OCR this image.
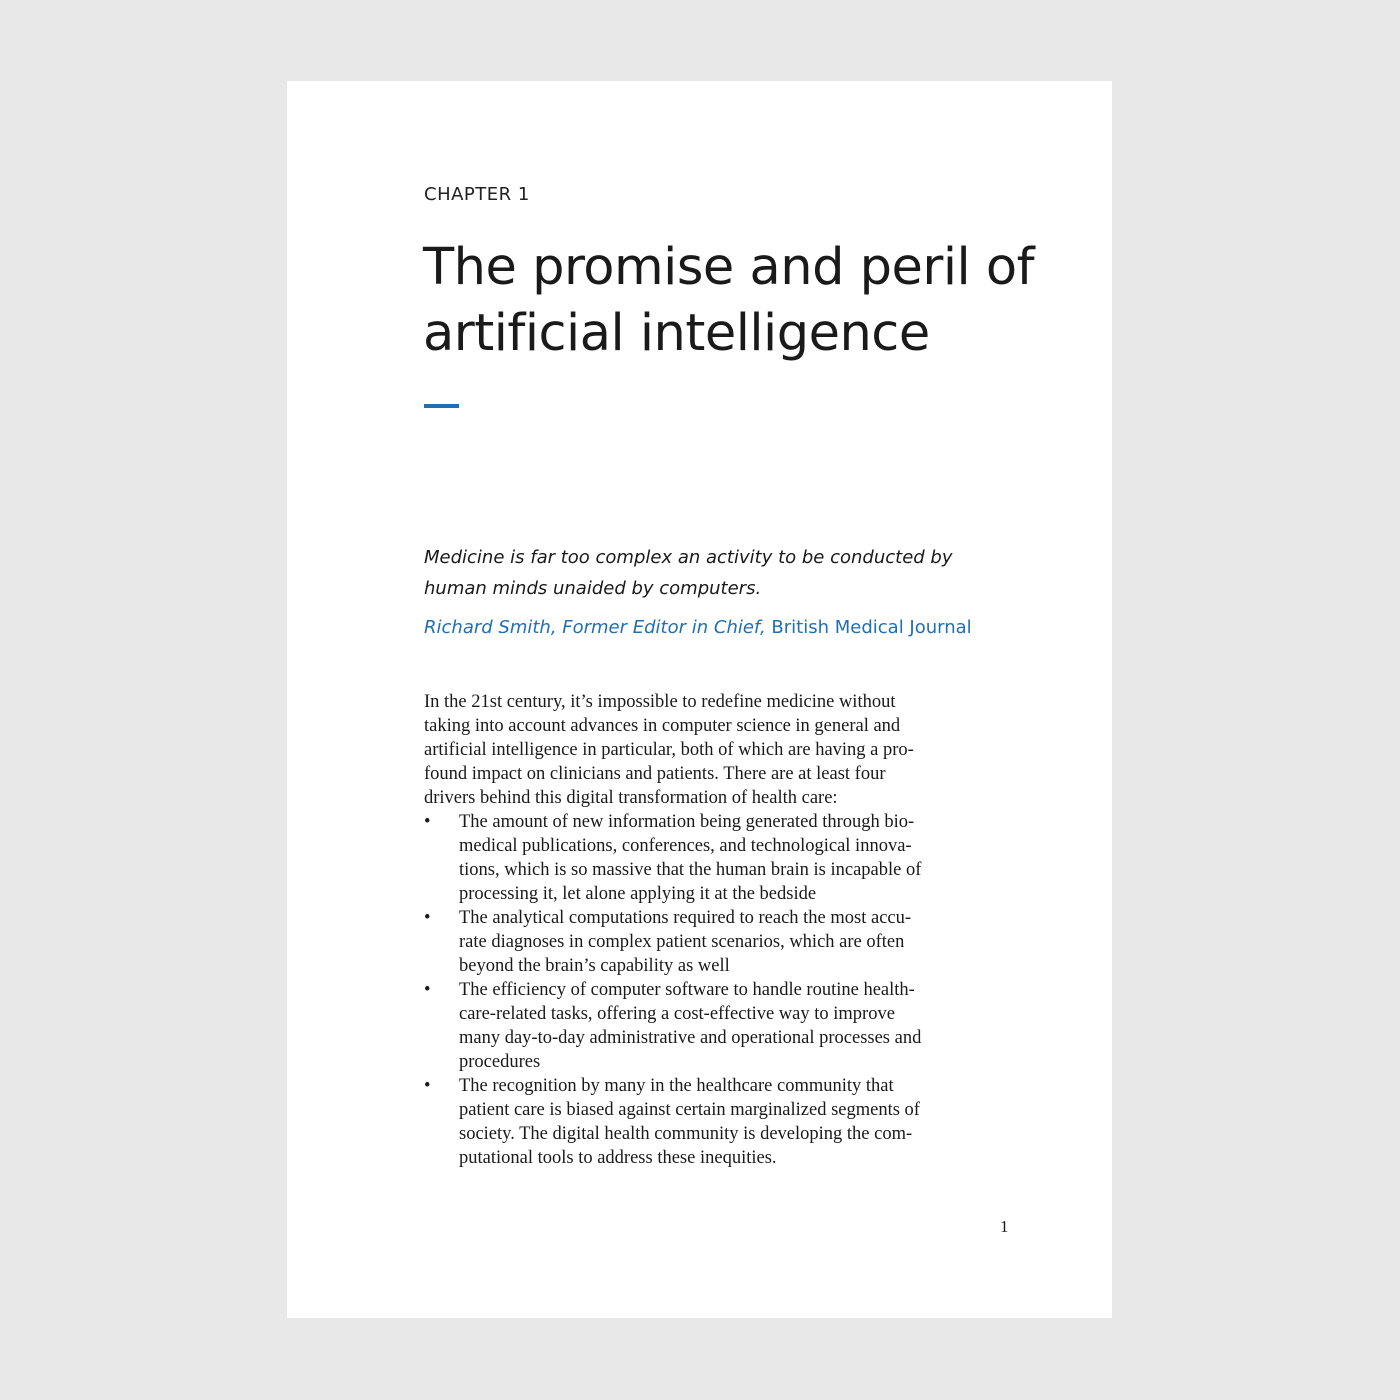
CHAPTER 1
The promise and peril of
artificial intelligence

Medicine is far too complex an activity to be conducted by
human minds unaided by computers.

Richard Smith, Former Editor in Chief, British Medical Journal

In the 21st century, it’s impossible to redefine medicine without
taking into account advances in computer science in general and
artificial intelligence in particular, both of which are having a pro-
found impact on clinicians and patients. There are at least four
drivers behind this digital transformation of health care:

• The amount of new information being generated through bio-
medical publications, conferences, and technological innova-
tions, which is so massive that the human brain is incapable of
processing it, let alone applying it at the bedside
• The analytical computations required to reach the most accu-
rate diagnoses in complex patient scenarios, which are often
beyond the brain’s capability as well
• The efficiency of computer software to handle routine health-
care-related tasks, offering a cost-effective way to improve
many day-to-day administrative and operational processes and
procedures
• The recognition by many in the healthcare community that
patient care is biased against certain marginalized segments of
society. The digital health community is developing the com-
putational tools to address these inequities.
1
